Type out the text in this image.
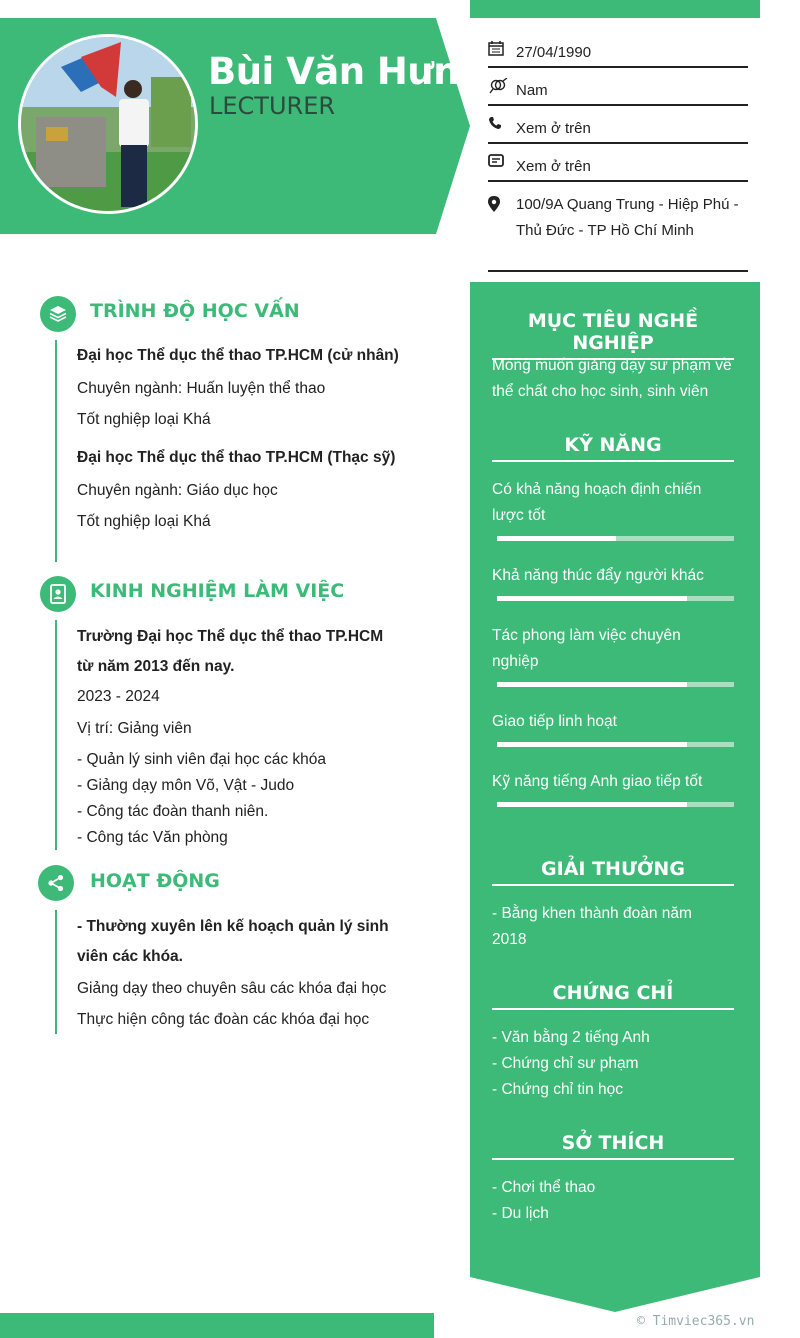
Bùi Văn Hưng
LECTURER
27/04/1990
Nam
Xem ở trên
Xem ở trên
100/9A Quang Trung - Hiệp Phú - Thủ Đức - TP Hồ Chí Minh
MỤC TIÊU NGHỀ NGHIỆP
Mong muốn giảng dạy sư phạm về thể chất cho học sinh, sinh viên
KỸ NĂNG
Có khả năng hoạch định chiến lược tốt
Khả năng thúc đẩy người khác
Tác phong làm việc chuyên nghiệp
Giao tiếp linh hoạt
Kỹ năng tiếng Anh giao tiếp tốt
GIẢI THƯỞNG
- Bằng khen thành đoàn năm 2018
CHỨNG CHỈ
- Văn bằng 2 tiếng Anh
- Chứng chỉ sư phạm
- Chứng chỉ tin học
SỞ THÍCH
- Chơi thể thao
- Du lịch
TRÌNH ĐỘ HỌC VẤN
Đại học Thể dục thể thao TP.HCM (cử nhân)
Chuyên ngành: Huấn luyện thể thao
Tốt nghiệp loại Khá
Đại học Thể dục thể thao TP.HCM (Thạc sỹ)
Chuyên ngành: Giáo dục học
Tốt nghiệp loại Khá
KINH NGHIỆM LÀM VIỆC
Trường Đại học Thể dục thể thao TP.HCM
từ năm 2013 đến nay.
2023 - 2024
Vị trí: Giảng viên
- Quản lý sinh viên đại học các khóa
- Giảng dạy môn Võ, Vật - Judo
- Công tác đoàn thanh niên.
- Công tác Văn phòng
HOẠT ĐỘNG
- Thường xuyên lên kế hoạch quản lý sinh
viên các khóa.
Giảng dạy theo chuyên sâu các khóa đại học
Thực hiện công tác đoàn các khóa đại học
© Timviec365.vn
